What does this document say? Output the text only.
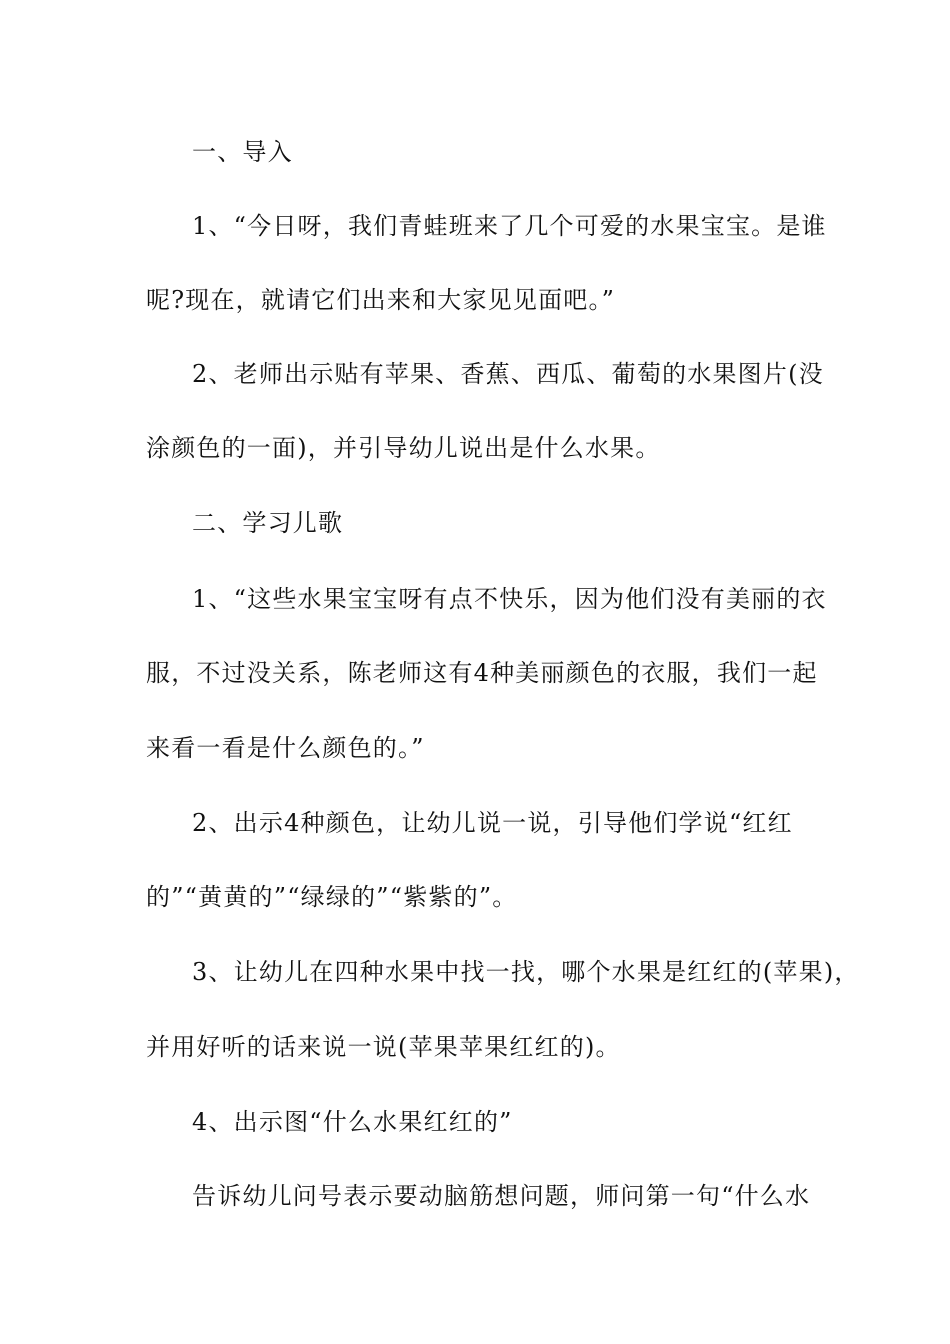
一、导入
1、“今日呀，我们青蛙班来了几个可爱的水果宝宝。是谁
呢?现在，就请它们出来和大家见见面吧。”
2、老师出示贴有苹果、香蕉、西瓜、葡萄的水果图片(没
涂颜色的一面)，并引导幼儿说出是什么水果。
二、学习儿歌
1、“这些水果宝宝呀有点不快乐，因为他们没有美丽的衣
服，不过没关系，陈老师这有4种美丽颜色的衣服，我们一起
来看一看是什么颜色的。”
2、出示4种颜色，让幼儿说一说，引导他们学说“红红
的”“黄黄的”“绿绿的”“紫紫的”。
3、让幼儿在四种水果中找一找，哪个水果是红红的(苹果)，
并用好听的话来说一说(苹果苹果红红的)。
4、出示图“什么水果红红的”
告诉幼儿问号表示要动脑筋想问题，师问第一句“什么水
